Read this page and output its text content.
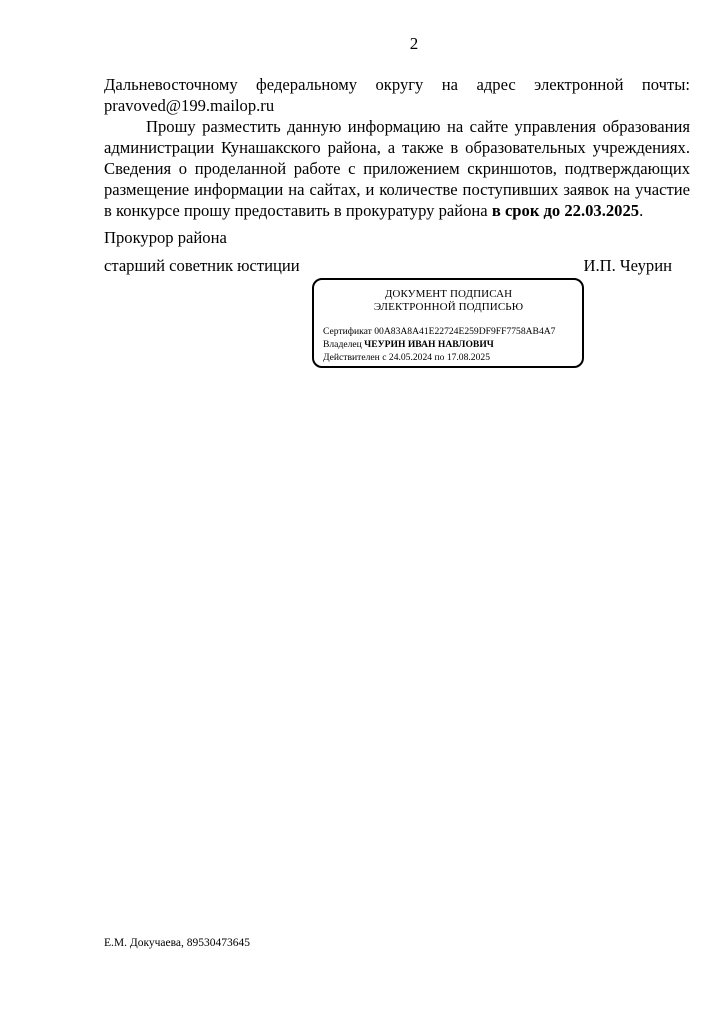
2

Дальневосточному федеральному округу на адрес электронной почты: pravoved@199.mailop.ru

Прошу разместить данную информацию на сайте управления образования администрации Кунашакского района, а также в образовательных учреждениях. Сведения о проделанной работе с приложением скриншотов, подтверждающих размещение информации на сайтах, и количестве поступивших заявок на участие в конкурсе прошу предоставить в прокуратуру района в срок до 22.03.2025.

Прокурор района
старший советник юстиции	И.П. Чеурин
ДОКУМЕНТ ПОДПИСАН
ЭЛЕКТРОННОЙ ПОДПИСЬЮ
Сертификат 00A83A8A41E22724E259DF9FF7758AB4A7
Владелец ЧЕУРИН ИВАН НАВЛОВИЧ
Действителен с 24.05.2024 по 17.08.2025
Е.М. Докучаева, 89530473645
